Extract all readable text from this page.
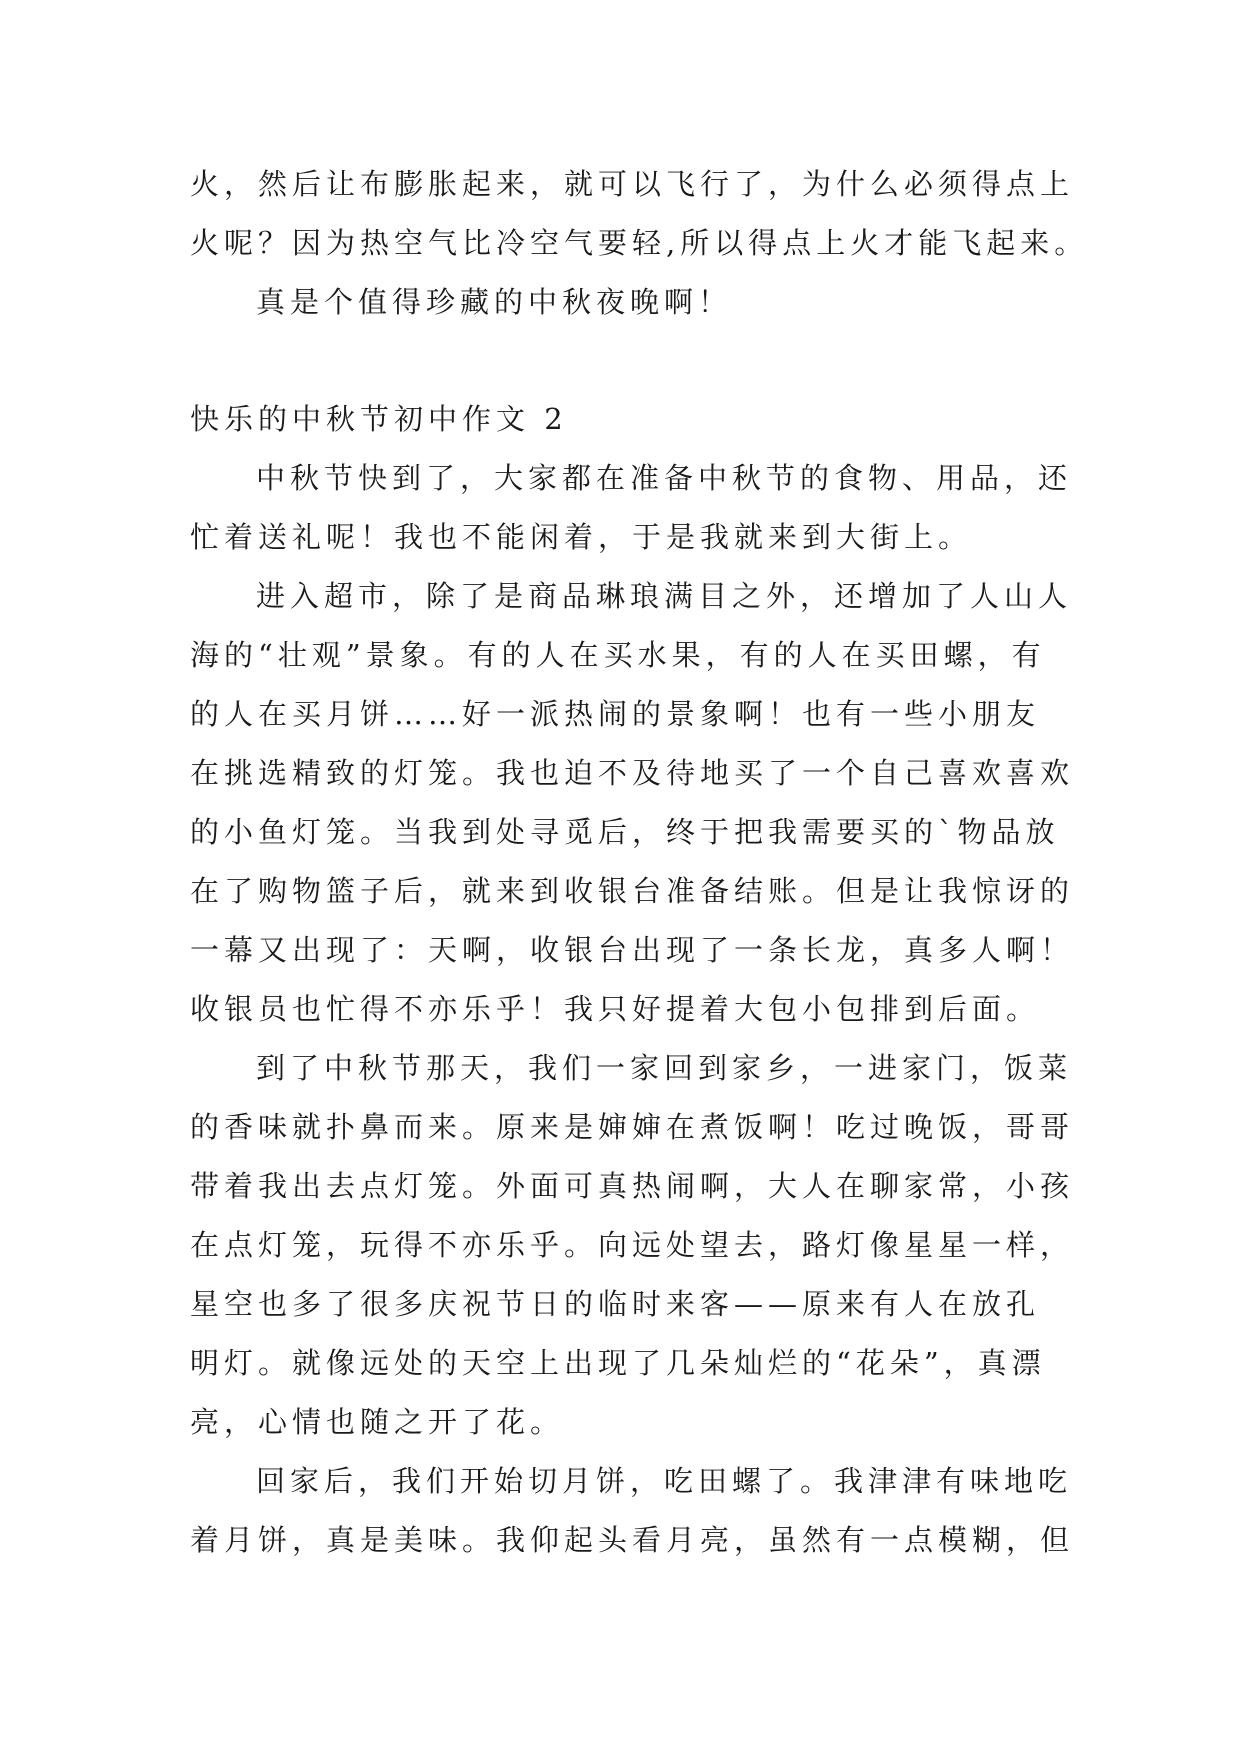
火，然后让布膨胀起来，就可以飞行了，为什么必须得点上
火呢？因为热空气比冷空气要轻,所以得点上火才能飞起来。
真是个值得珍藏的中秋夜晚啊！
快乐的中秋节初中作文 2
中秋节快到了，大家都在准备中秋节的食物、用品，还
忙着送礼呢！我也不能闲着，于是我就来到大街上。
进入超市，除了是商品琳琅满目之外，还增加了人山人
海的“壮观”景象。有的人在买水果，有的人在买田螺，有
的人在买月饼……好一派热闹的景象啊！也有一些小朋友
在挑选精致的灯笼。我也迫不及待地买了一个自己喜欢喜欢
的小鱼灯笼。当我到处寻觅后，终于把我需要买的`物品放
在了购物篮子后，就来到收银台准备结账。但是让我惊讶的
一幕又出现了：天啊，收银台出现了一条长龙，真多人啊！
收银员也忙得不亦乐乎！我只好提着大包小包排到后面。
到了中秋节那天，我们一家回到家乡，一进家门，饭菜
的香味就扑鼻而来。原来是婶婶在煮饭啊！吃过晚饭，哥哥
带着我出去点灯笼。外面可真热闹啊，大人在聊家常，小孩
在点灯笼，玩得不亦乐乎。向远处望去，路灯像星星一样，
星空也多了很多庆祝节日的临时来客——原来有人在放孔
明灯。就像远处的天空上出现了几朵灿烂的“花朵”，真漂
亮，心情也随之开了花。
回家后，我们开始切月饼，吃田螺了。我津津有味地吃
着月饼，真是美味。我仰起头看月亮，虽然有一点模糊，但
